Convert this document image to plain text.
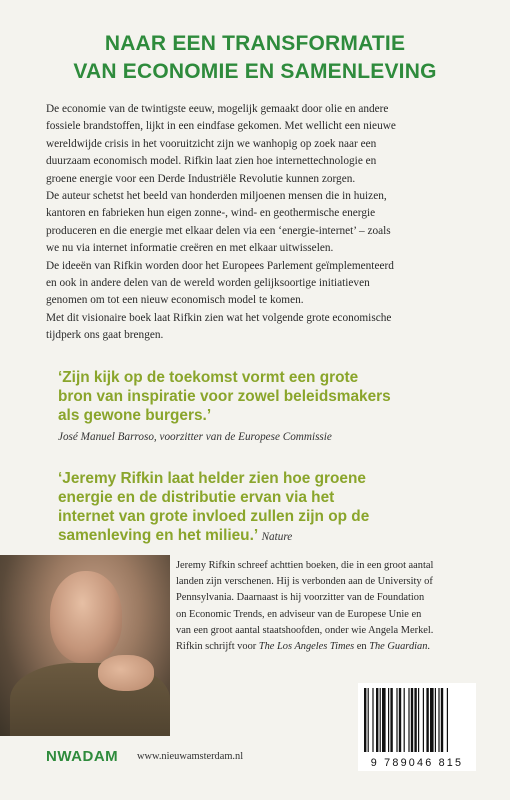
NAAR EEN TRANSFORMATIE
VAN ECONOMIE EN SAMENLEVING

De economie van de twintigste eeuw, mogelijk gemaakt door olie en andere

fossiele brandstoffen, lijkt in een eindfase gekomen. Met wellicht een nieuwe

wereldwijde crisis in het vooruitzicht zijn we wanhopig op zoek naar een

duurzaam economisch model. Rifkin laat zien hoe internettechnologie en

groene energie voor een Derde Industriële Revolutie kunnen zorgen.

De auteur schetst het beeld van honderden miljoenen mensen die in huizen,

kantoren en fabrieken hun eigen zonne-, wind- en geothermische energie

produceren en die energie met elkaar delen via een ‘energie-internet’ – zoals

we nu via internet informatie creëren en met elkaar uitwisselen.

De ideeën van Rifkin worden door het Europees Parlement geïmplementeerd

en ook in andere delen van de wereld worden gelijksoortige initiatieven

genomen om tot een nieuw economisch model te komen.

Met dit visionaire boek laat Rifkin zien wat het volgende grote economische

tijdperk ons gaat brengen.

‘Zijn kijk op de toekomst vormt een grote
bron van inspiratie voor zowel beleidsmakers
als gewone burgers.’
José Manuel Barroso, voorzitter van de Europese Commissie
‘Jeremy Rifkin laat helder zien hoe groene
energie en de distributie ervan via het
internet van grote invloed zullen zijn op de
samenleving en het milieu.’ Nature
Jeremy Rifkin schreef achttien boeken, die in een groot aantal
landen zijn verschenen. Hij is verbonden aan de University of
Pennsylvania. Daarnaast is hij voorzitter van de Foundation
on Economic Trends, en adviseur van de Europese Unie en
van een groot aantal staatshoofden, onder wie Angela Merkel.
Rifkin schrijft voor The Los Angeles Times en The Guardian.
NWADAM www.nieuwamsterdam.nl
9 789046 815
